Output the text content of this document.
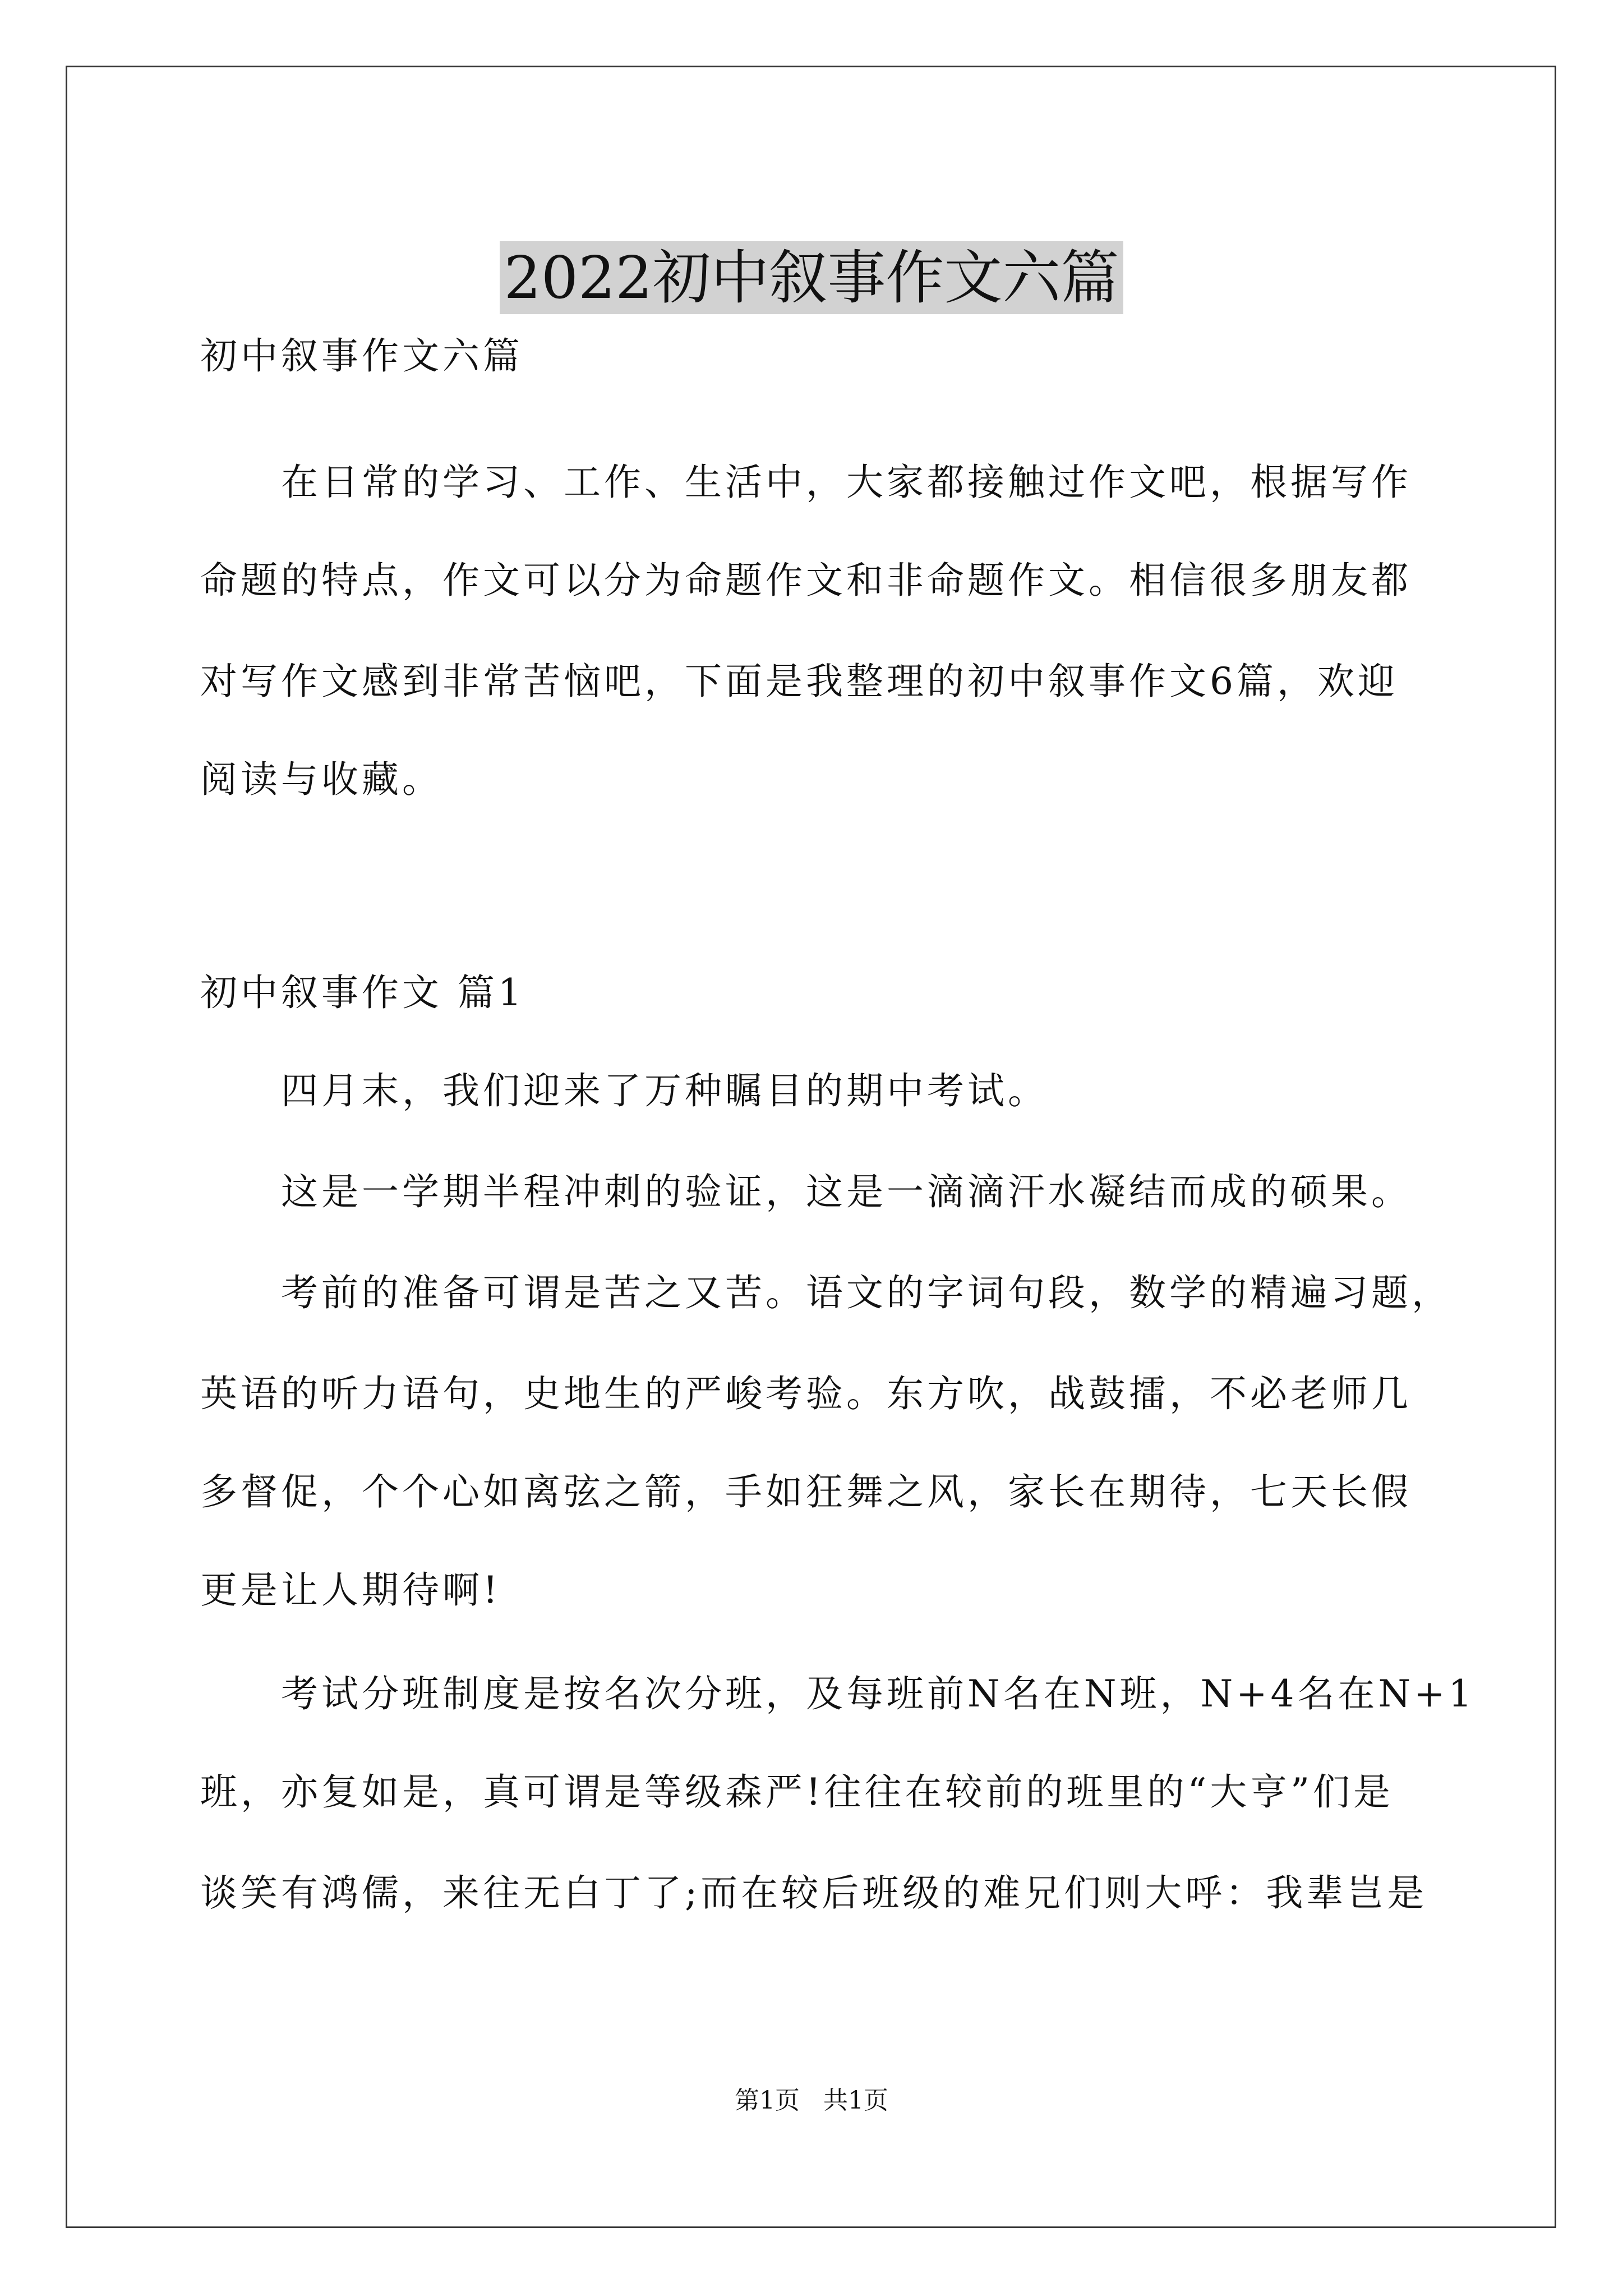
2022初中叙事作文六篇
初中叙事作文六篇
　　在日常的学习、工作、生活中，大家都接触过作文吧，根据写作
命题的特点，作文可以分为命题作文和非命题作文。相信很多朋友都
对写作文感到非常苦恼吧，下面是我整理的初中叙事作文6篇，欢迎
阅读与收藏。
初中叙事作文 篇1
　　四月末，我们迎来了万种瞩目的期中考试。
　　这是一学期半程冲刺的验证，这是一滴滴汗水凝结而成的硕果。
　　考前的准备可谓是苦之又苦。语文的字词句段，数学的精遍习题，
英语的听力语句，史地生的严峻考验。东方吹，战鼓擂，不必老师几
多督促，个个心如离弦之箭，手如狂舞之风，家长在期待，七天长假
更是让人期待啊!
　　考试分班制度是按名次分班，及每班前N名在N班，N+4名在N+1
班，亦复如是，真可谓是等级森严!往往在较前的班里的“大亨”们是
谈笑有鸿儒，来往无白丁了;而在较后班级的难兄们则大呼：我辈岂是
第1页   共1页
